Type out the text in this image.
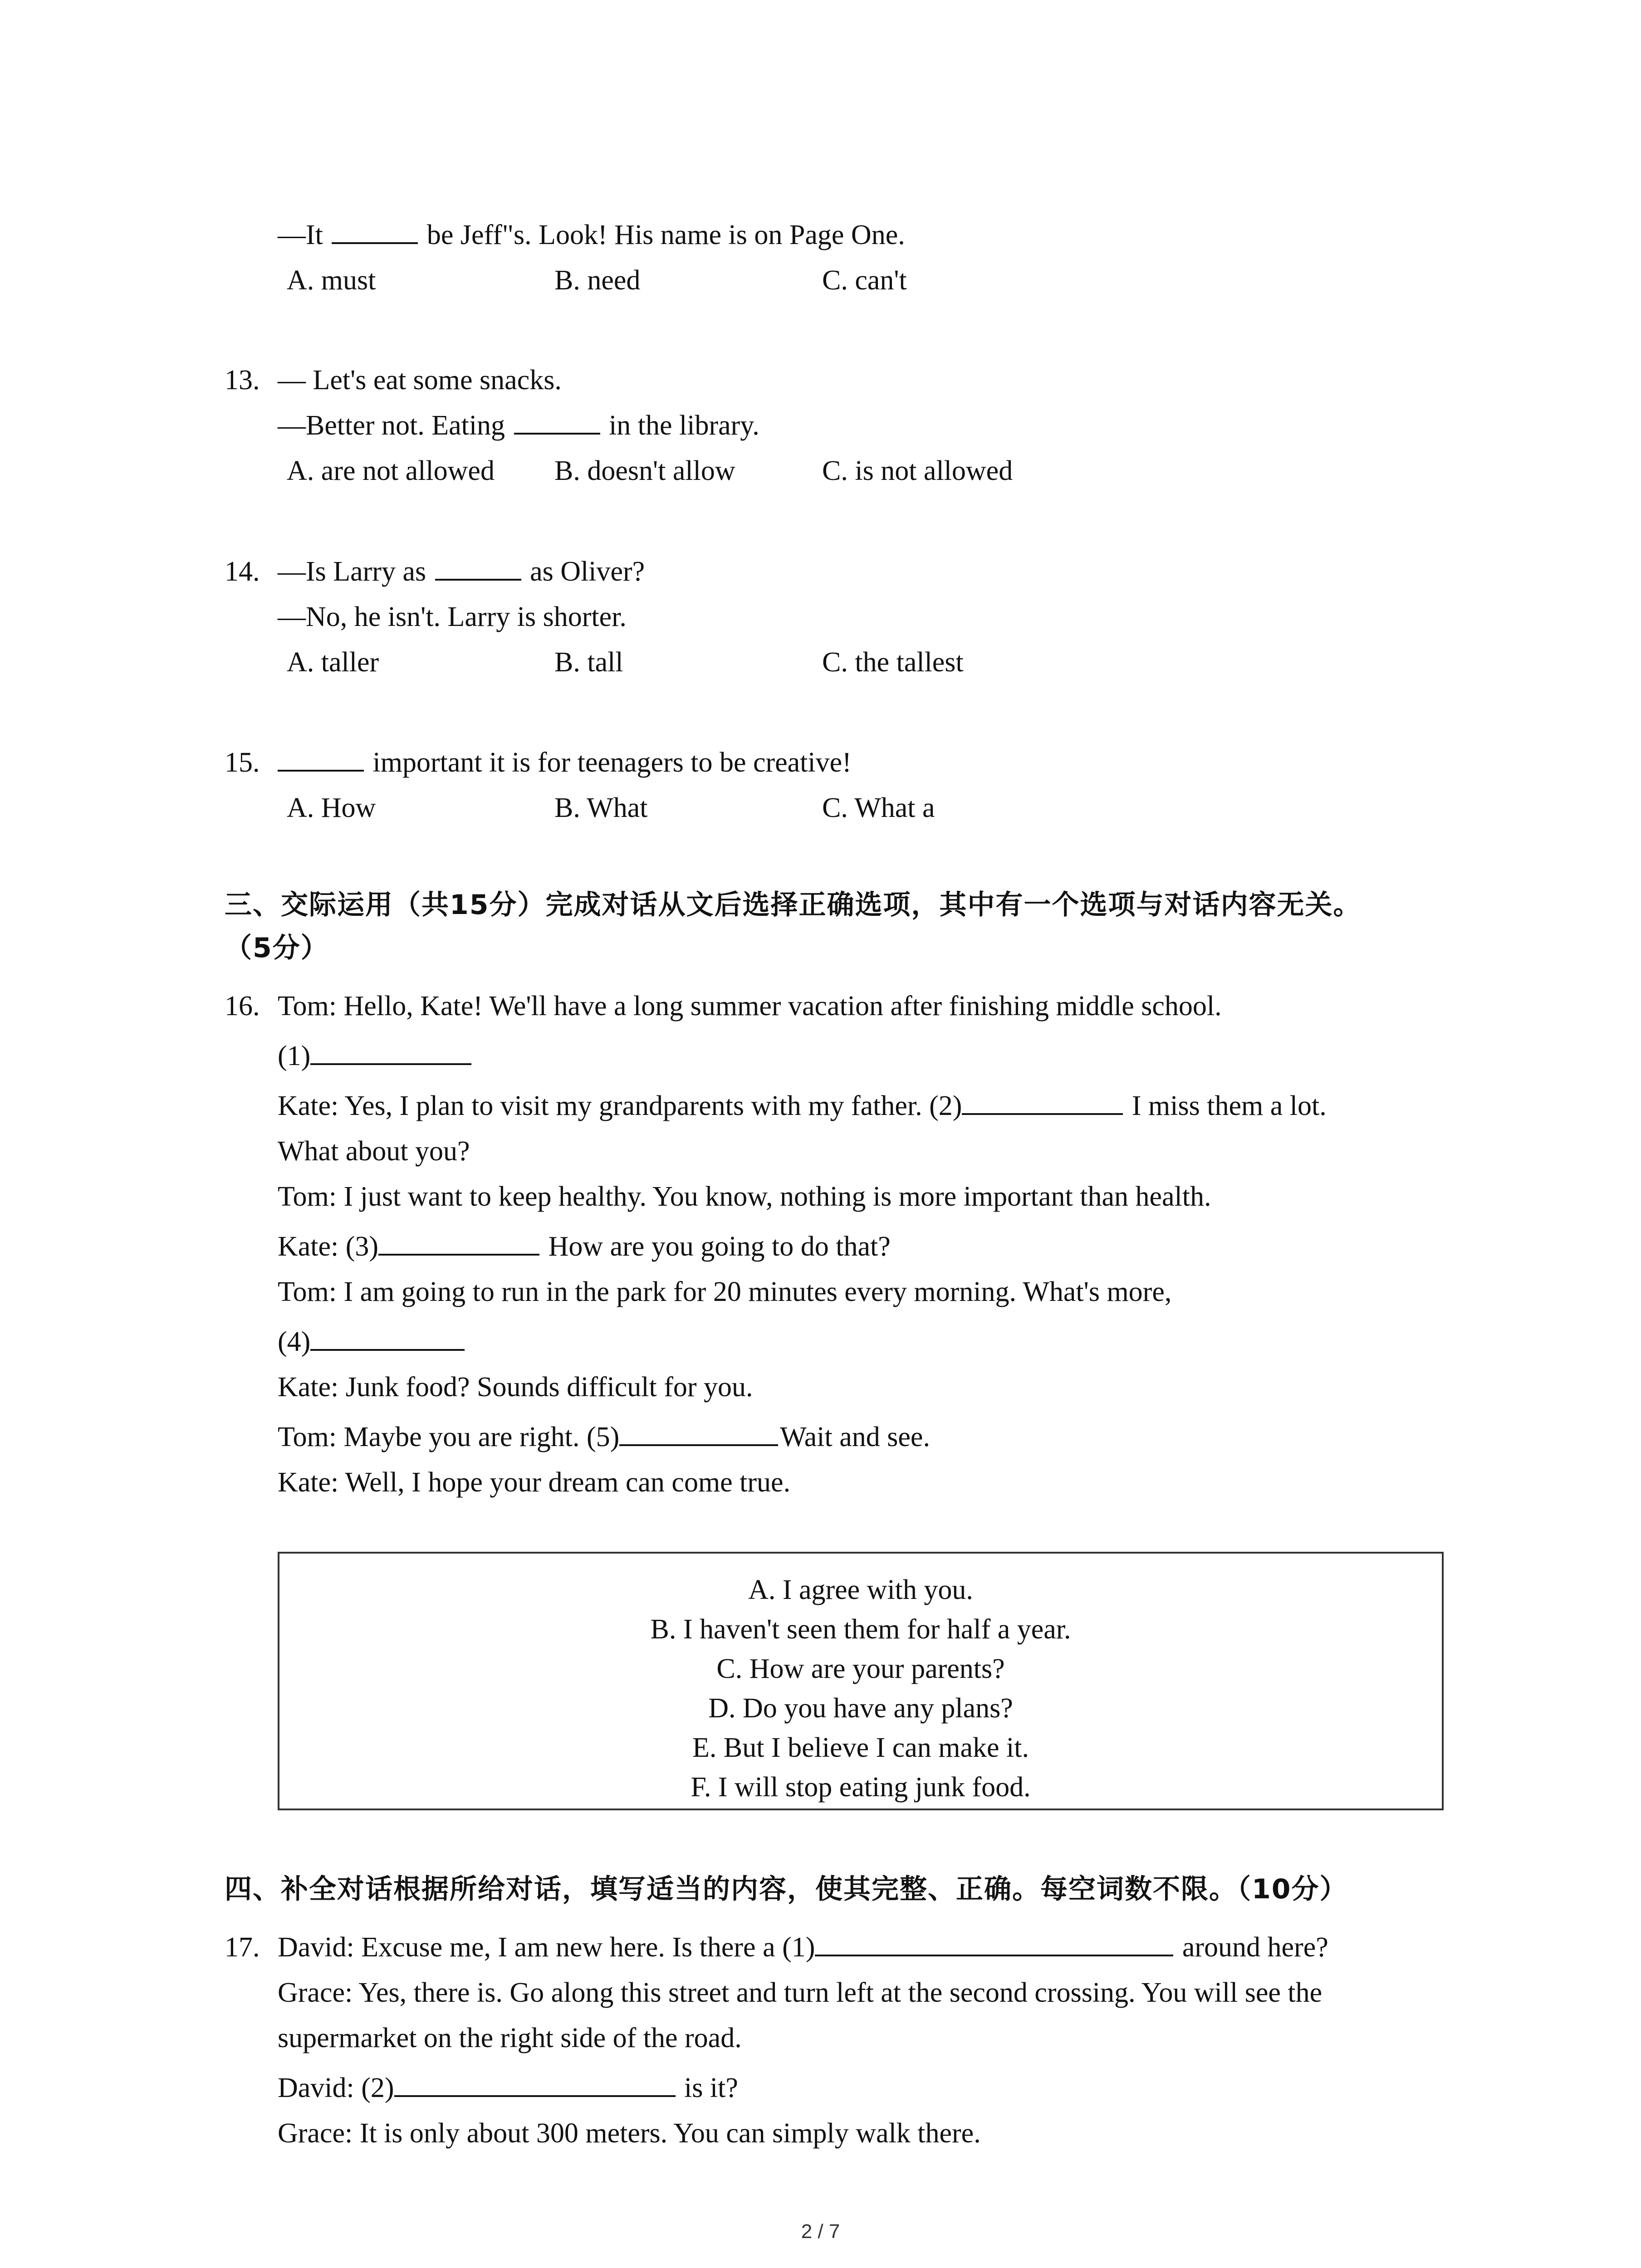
—It	be Jeff"s. Look! His name is on Page One.
A. must	B. need	C. can't
13. — Let's eat some snacks.
—Better not. Eating	in the library.
A. are not allowed B. doesn't allow	C. is not allowed
14. —Is Larry as	as Oliver?
—No, he isn't. Larry is shorter.
A. taller	B. tall	C. the tallest
15.	important it is for teenagers to be creative!
A. How	B. What	C. What a
三、交际运用（共15分）完成对话从文后选择正确选项，其中有一个选项与对话内容无关。
（5分）
16. Tom: Hello, Kate! We'll have a long summer vacation after finishing middle school.
(1)
Kate: Yes, I plan to visit my grandparents with my father. (2)	I miss them a lot.
What about you?
Tom: I just want to keep healthy. You know, nothing is more important than health.
Kate: (3)	How are you going to do that?
Tom: I am going to run in the park for 20 minutes every morning. What's more,
(4)
Kate: Junk food? Sounds difficult for you.
Tom: Maybe you are right. (5)	Wait and see.
Kate: Well, I hope your dream can come true.
A. I agree with you.
B. I haven't seen them for half a year.
C. How are your parents?
D. Do you have any plans?
E. But I believe I can make it.
F. I will stop eating junk food.
四、补全对话根据所给对话，填写适当的内容，使其完整、正确。每空词数不限。（10分）
17. David: Excuse me, I am new here. Is there a (1)	around here?
Grace: Yes, there is. Go along this street and turn left at the second crossing. You will see the
supermarket on the right side of the road.
David: (2)	is it?
Grace: It is only about 300 meters. You can simply walk there.
2 / 7
